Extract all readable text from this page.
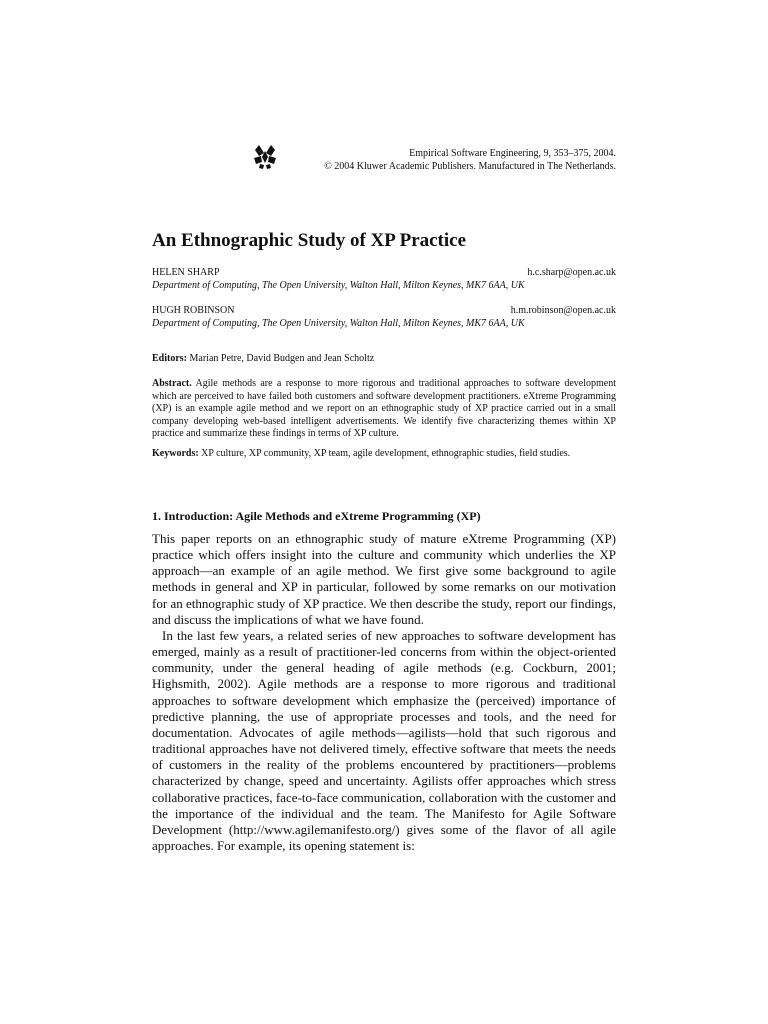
Empirical Software Engineering, 9, 353–375, 2004.
© 2004 Kluwer Academic Publishers. Manufactured in The Netherlands.
An Ethnographic Study of XP Practice
HELEN SHARP	h.c.sharp@open.ac.uk
Department of Computing, The Open University, Walton Hall, Milton Keynes, MK7 6AA, UK
HUGH ROBINSON	h.m.robinson@open.ac.uk
Department of Computing, The Open University, Walton Hall, Milton Keynes, MK7 6AA, UK
Editors: Marian Petre, David Budgen and Jean Scholtz
Abstract. Agile methods are a response to more rigorous and traditional approaches to software development which are perceived to have failed both customers and software development practitioners. eXtreme Programming (XP) is an example agile method and we report on an ethnographic study of XP practice carried out in a small company developing web-based intelligent advertisements. We identify five characterizing themes within XP practice and summarize these findings in terms of XP culture.
Keywords: XP culture, XP community, XP team, agile development, ethnographic studies, field studies.
1. Introduction: Agile Methods and eXtreme Programming (XP)

This paper reports on an ethnographic study of mature eXtreme Programming (XP) practice which offers insight into the culture and community which underlies the XP approach—an example of an agile method. We first give some background to agile methods in general and XP in particular, followed by some remarks on our motivation for an ethnographic study of XP practice. We then describe the study, report our findings, and discuss the implications of what we have found.

In the last few years, a related series of new approaches to software development has emerged, mainly as a result of practitioner-led concerns from within the object-oriented community, under the general heading of agile methods (e.g. Cockburn, 2001; Highsmith, 2002). Agile methods are a response to more rigorous and traditional approaches to software development which emphasize the (perceived) importance of predictive planning, the use of appropriate processes and tools, and the need for documentation. Advocates of agile methods—agilists—hold that such rigorous and traditional approaches have not delivered timely, effective software that meets the needs of customers in the reality of the problems encountered by practitioners—problems characterized by change, speed and uncertainty. Agilists offer approaches which stress collaborative practices, face-to-face communication, collaboration with the customer and the importance of the individual and the team. The Manifesto for Agile Software Development (http://www.agilemanifesto.org/) gives some of the flavor of all agile approaches. For example, its opening statement is:
